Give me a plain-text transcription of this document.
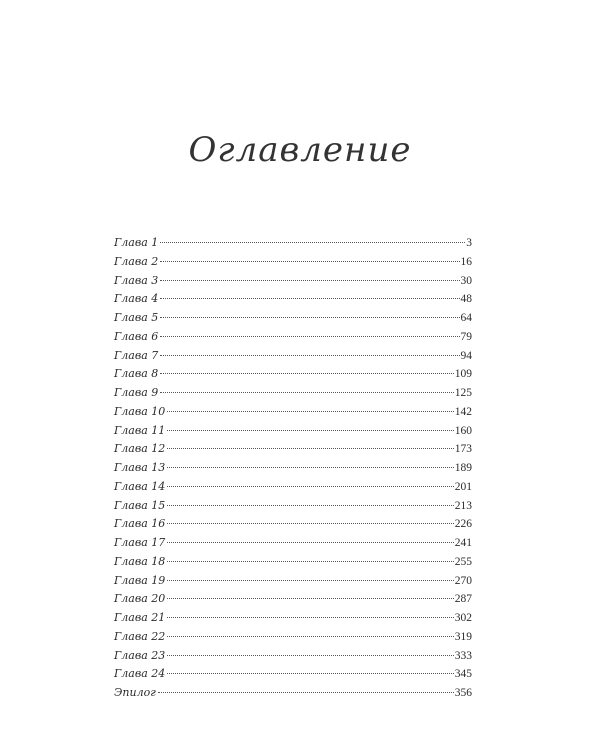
Оглавление
Глава 1	3
Глава 2	16
Глава 3	30
Глава 4	48
Глава 5	64
Глава 6	79
Глава 7	94
Глава 8	109
Глава 9	125
Глава 10	142
Глава 11	160
Глава 12	173
Глава 13	189
Глава 14	201
Глава 15	213
Глава 16	226
Глава 17	241
Глава 18	255
Глава 19	270
Глава 20	287
Глава 21	302
Глава 22	319
Глава 23	333
Глава 24	345
Эпилог	356
